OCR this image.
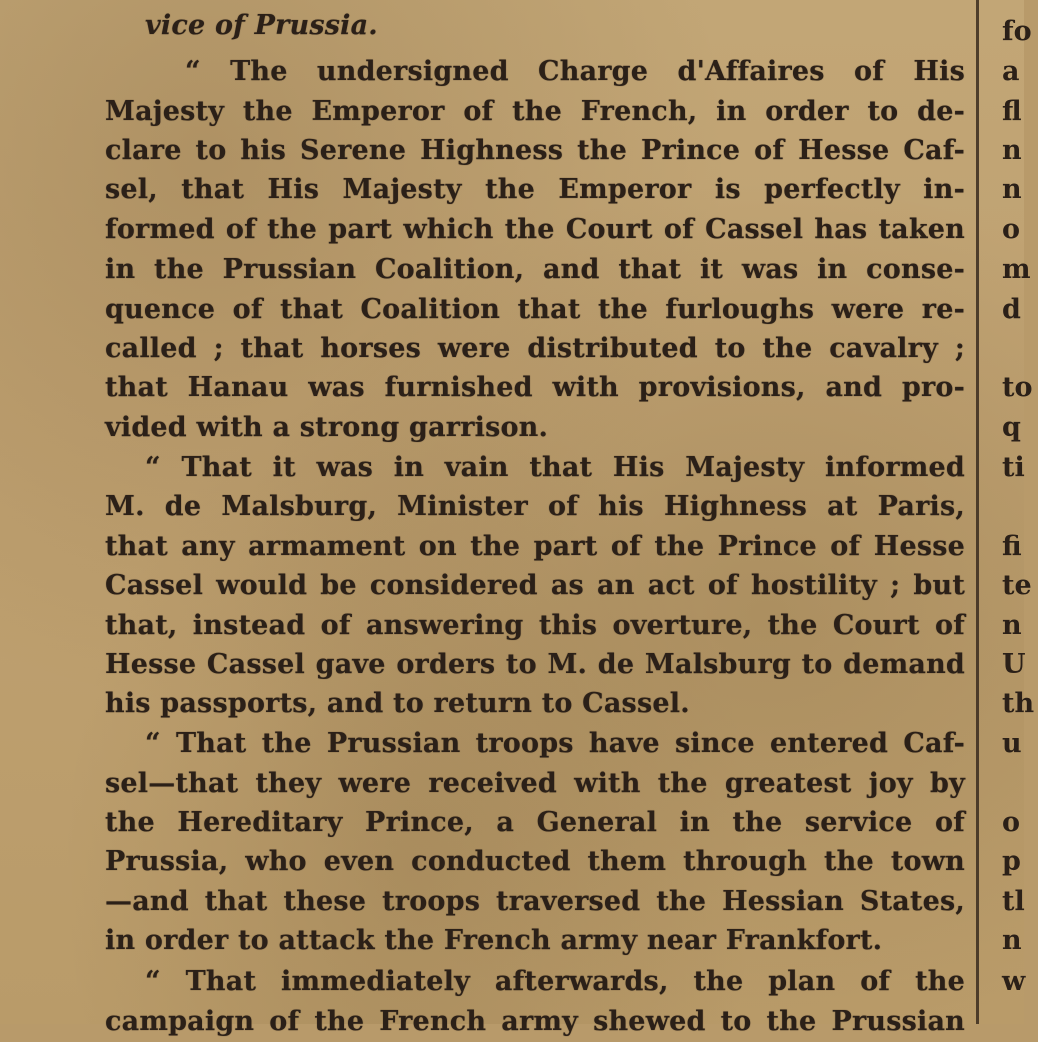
vice of Prussia.
“ The undersigned Charge d'Affaires of His
Majesty the Emperor of the French, in order to de-
clare to his Serene Highness the Prince of Hesse Caf-
sel, that His Majesty the Emperor is perfectly in-
formed of the part which the Court of Cassel has taken
in the Prussian Coalition, and that it was in conse-
quence of that Coalition that the furloughs were re-
called ; that horses were distributed to the cavalry ;
that Hanau was furnished with provisions, and pro-
vided with a strong garrison.
“ That it was in vain that His Majesty informed
M. de Malsburg, Minister of his Highness at Paris,
that any armament on the part of the Prince of Hesse
Cassel would be considered as an act of hostility ; but
that, instead of answering this overture, the Court of
Hesse Cassel gave orders to M. de Malsburg to demand
his passports, and to return to Cassel.
“ That the Prussian troops have since entered Caf-
sel—that they were received with the greatest joy by
the Hereditary Prince, a General in the service of
Prussia, who even conducted them through the town
—and that these troops traversed the Hessian States,
in order to attack the French army near Frankfort.
“ That immediately afterwards, the plan of the
campaign of the French army shewed to the Prussian
fo
a
fl
n
n
o
m
d
to
q
ti
fi
te
n
U
th
u
o
p
tl
n
w
